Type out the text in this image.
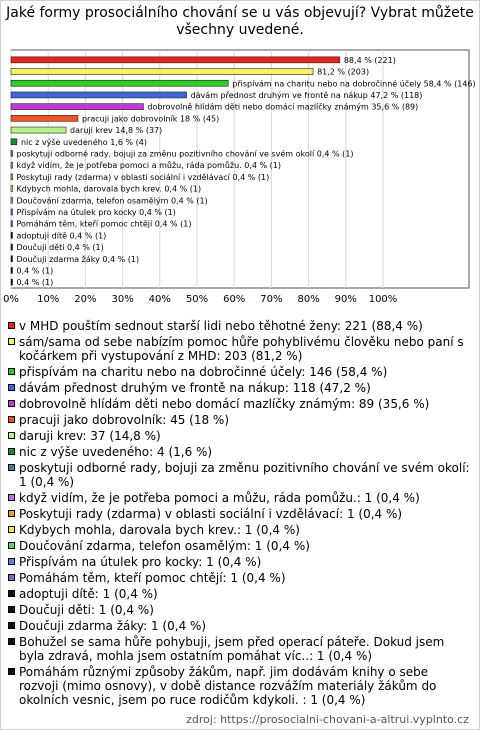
Jaké formy prosociálního chování se u vás objevují? Vybrat můžete všechny uvedené.
0% 10% 20% 30% 40% 50% 60% 70% 80% 90% 100%
88,4 % (221)
81,2 % (203)
přispívám na charitu nebo na dobročinné účely 58,4 % (146)
dávám přednost druhým ve frontě na nákup 47,2 % (118)
dobrovolně hlídám děti nebo domácí mazlíčky známým 35,6 % (89)
pracuji jako dobrovolník 18 % (45)
daruji krev 14,8 % (37)
nic z výše uvedeného 1,6 % (4)
poskytuji odborné rady, bojuji za změnu pozitivního chování ve svém okolí 0,4 % (1)
když vidím, že je potřeba pomoci a můžu, ráda pomůžu. 0,4 % (1)
Poskytuji rady (zdarma) v oblasti sociální i vzdělávací 0,4 % (1)
Kdybych mohla, darovala bych krev. 0,4 % (1)
Doučování zdarma, telefon osamělým 0,4 % (1)
Přispívám na útulek pro kocky 0,4 % (1)
Pomáhám těm, kteří pomoc chtějí 0,4 % (1)
adoptuji dítě 0,4 % (1)
Doučuji děti 0,4 % (1)
Doučuji zdarma žáky 0,4 % (1)
0,4 % (1)
0,4 % (1)
v MHD pouštím sednout starší lidi nebo těhotné ženy: 221 (88,4 %)
sám/sama od sebe nabízím pomoc hůře pohyblivému člověku nebo paní s kočárkem při vystupování z MHD: 203 (81,2 %)
přispívám na charitu nebo na dobročinné účely: 146 (58,4 %)
dávám přednost druhým ve frontě na nákup: 118 (47,2 %)
dobrovolně hlídám děti nebo domácí mazlíčky známým: 89 (35,6 %)
pracuji jako dobrovolník: 45 (18 %)
daruji krev: 37 (14,8 %)
nic z výše uvedeného: 4 (1,6 %)
poskytuji odborné rady, bojuji za změnu pozitivního chování ve svém okolí: 1 (0,4 %)
když vidím, že je potřeba pomoci a můžu, ráda pomůžu.: 1 (0,4 %)
Poskytuji rady (zdarma) v oblasti sociální i vzdělávací: 1 (0,4 %)
Kdybych mohla, darovala bych krev.: 1 (0,4 %)
Doučování zdarma, telefon osamělým: 1 (0,4 %)
Přispívám na útulek pro kocky: 1 (0,4 %)
Pomáhám těm, kteří pomoc chtějí: 1 (0,4 %)
adoptuji dítě: 1 (0,4 %)
Doučuji děti: 1 (0,4 %)
Doučuji zdarma žáky: 1 (0,4 %)
Bohužel se sama hůře pohybuji, jsem před operací páteře. Dokud jsem byla zdravá, mohla jsem ostatním pomáhat víc..: 1 (0,4 %)
Pomáhám různými způsoby žákům, např. jim dodávám knihy o sebe rozvoji (mimo osnovy), v době distance rozvážím materiály žákům do okolních vesnic, jsem po ruce rodičům kdykoli. : 1 (0,4 %)
zdroj: https://prosocialni-chovani-a-altrui.vyplnto.cz
